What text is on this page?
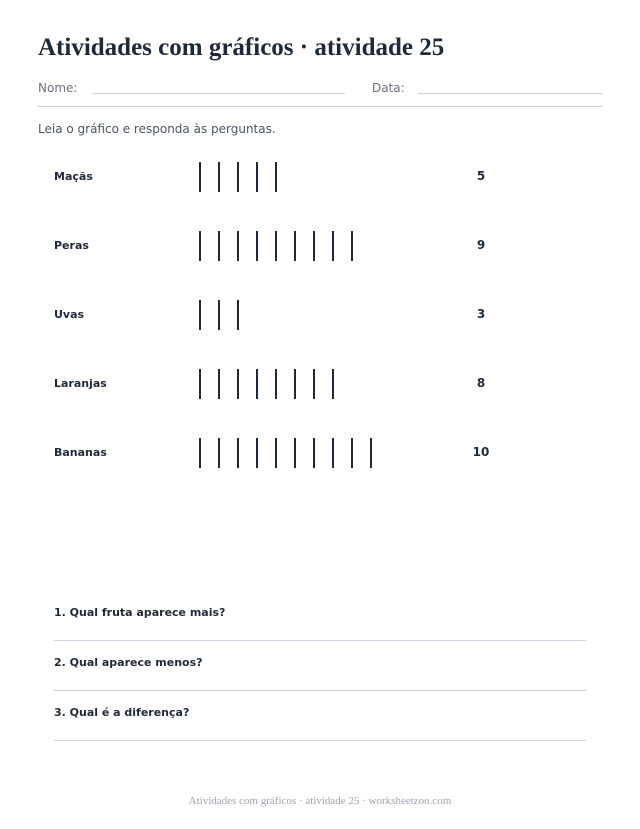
Atividades com gráficos · atividade 25
Nome:	Data:
Leia o gráfico e responda às perguntas.
Maçãs	5
Peras	9
Uvas	3
Laranjas	8
Bananas	10
1. Qual fruta aparece mais?
2. Qual aparece menos?
3. Qual é a diferença?
Atividades com gráficos · atividade 25 · worksheetzoo.com
